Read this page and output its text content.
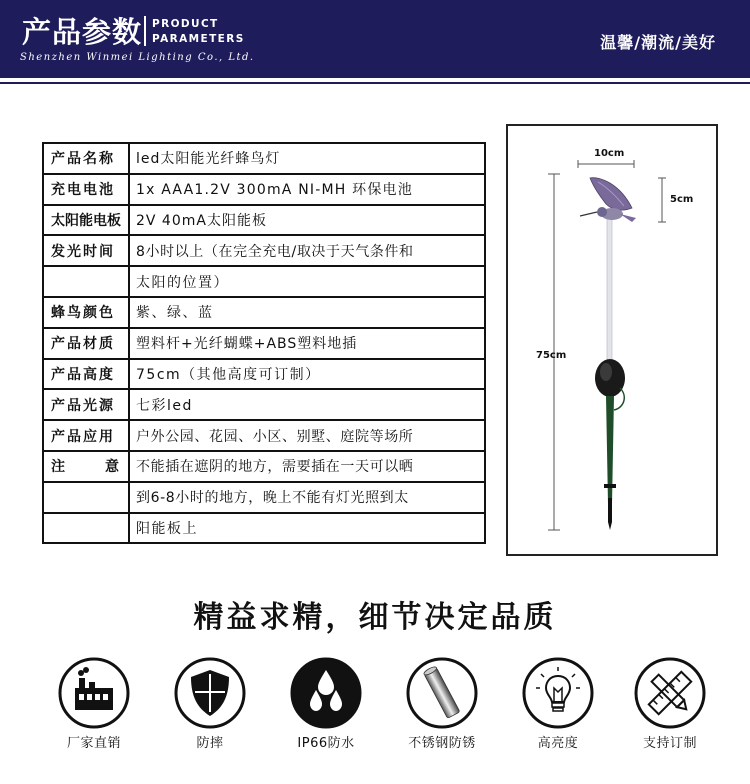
产品参数 PRODUCT
PARAMETERS
Shenzhen Winmei Lighting Co., Ltd.
温馨/潮流/美好
产品名称	led太阳能光纤蜂鸟灯
充电电池	1x AAA1.2V 300mA NI-MH 环保电池
太阳能电板	2V 40mA太阳能板
发光时间	8小时以上（在完全充电/取决于天气条件和
	太阳的位置）
蜂鸟颜色	紫、绿、蓝
产品材质	塑料杆+光纤蝴蝶+ABS塑料地插
产品高度	75cm（其他高度可订制）
产品光源	七彩led
产品应用	户外公园、花园、小区、别墅、庭院等场所

注 意	不能插在遮阴的地方，需要插在一天可以晒
	到6-8小时的地方，晚上不能有灯光照到太
	阳能板上
10cm
5cm
75cm
精益求精，细节决定品质
厂家直销	防摔	IP66防水	不锈钢防锈	高亮度	支持订制
